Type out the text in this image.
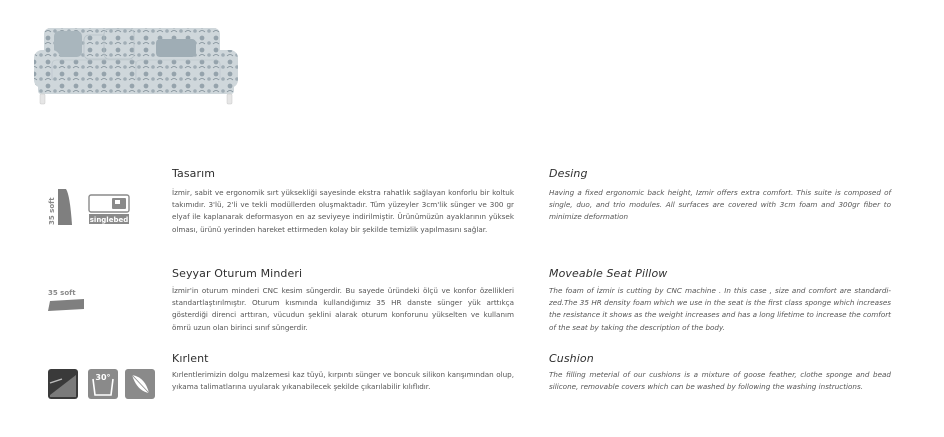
35 soft	singlebed
35 soft
30°
Tasarım
İzmir, sabit ve ergonomik sırt yüksekliği sayesinde ekstra rahatlık sağlayan konforlu bir koltuk takımıdır. 3'lü, 2'li ve tekli modüllerden oluşmaktadır. Tüm yüzeyler 3cm'lik sünger ve 300 gr elyaf ile kaplanarak deformasyon en az seviyeye indirilmiştir. Ürünümüzün ayaklarının yüksek olması, ürünü yerinden hareket ettirmeden kolay bir şekilde temizlik yapılmasını sağlar.
Desing
Having a fixed ergonomic back height, Izmir offers extra comfort. This suite is composed of single, duo, and trio modules. All surfaces are covered with 3cm foam and 300gr fiber to minimize deformation
Seyyar Oturum Minderi
İzmir'in oturum minderi CNC kesim süngerdir. Bu sayede üründeki ölçü ve konfor özellikleri standartlaştırılmıştır. Oturum kısmında kullandığımız 35 HR danste sünger yük arttıkça gösterdiği direnci arttıran, vücudun şeklini alarak oturum konforunu yükselten ve kullanım ömrü uzun olan birinci sınıf süngerdir.
Moveable Seat Pillow
The foam of İzmir is cutting by CNC machine . In this case , size and comfort are standardi-zed.The 35 HR density foam which we use in the seat is the first class sponge which increases the resistance it shows as the weight increases and has a long lifetime to increase the comfort of the seat by taking the description of the body.
Kırlent
Kırlentlerimizin dolgu malzemesi kaz tüyü, kırpıntı sünger ve boncuk silikon karışımından olup, yıkama talimatlarına uyularak yıkanabilecek şekilde çıkarılabilir kılıflıdır.
Cushion
The filling meterial of our cushions is a mixture of goose feather, clothe sponge and bead silicone, removable covers which can be washed by following the washing instructions.
